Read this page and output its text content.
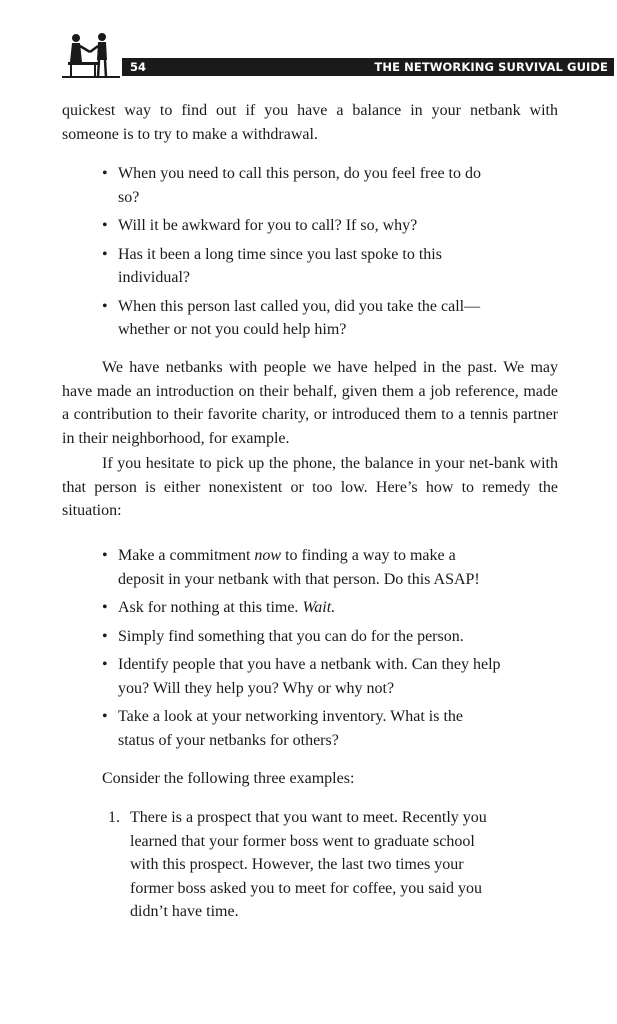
54	THE NETWORKING SURVIVAL GUIDE
quickest way to find out if you have a balance in your netbank with
someone is to try to make a withdrawal.
• When you need to call this person, do you feel free to do so?
• Will it be awkward for you to call? If so, why?
• Has it been a long time since you last spoke to this individual?
• When this person last called you, did you take the call—whether or not you could help him?

We have netbanks with people we have helped in the past. We may have made an introduction on their behalf, given them a job reference, made a contribution to their favorite charity, or introduced them to a tennis partner in their neighborhood, for example.

If you hesitate to pick up the phone, the balance in your net-bank with that person is either nonexistent or too low. Here’s how to remedy the situation:

• Make a commitment now to finding a way to make a deposit in your netbank with that person. Do this ASAP!
• Ask for nothing at this time. Wait.
• Simply find something that you can do for the person.
• Identify people that you have a netbank with. Can they help you? Will they help you? Why or why not?
• Take a look at your networking inventory. What is the status of your netbanks for others?

Consider the following three examples:

1. There is a prospect that you want to meet. Recently you learned that your former boss went to graduate school with this prospect. However, the last two times your former boss asked you to meet for coffee, you said you didn’t have time.
